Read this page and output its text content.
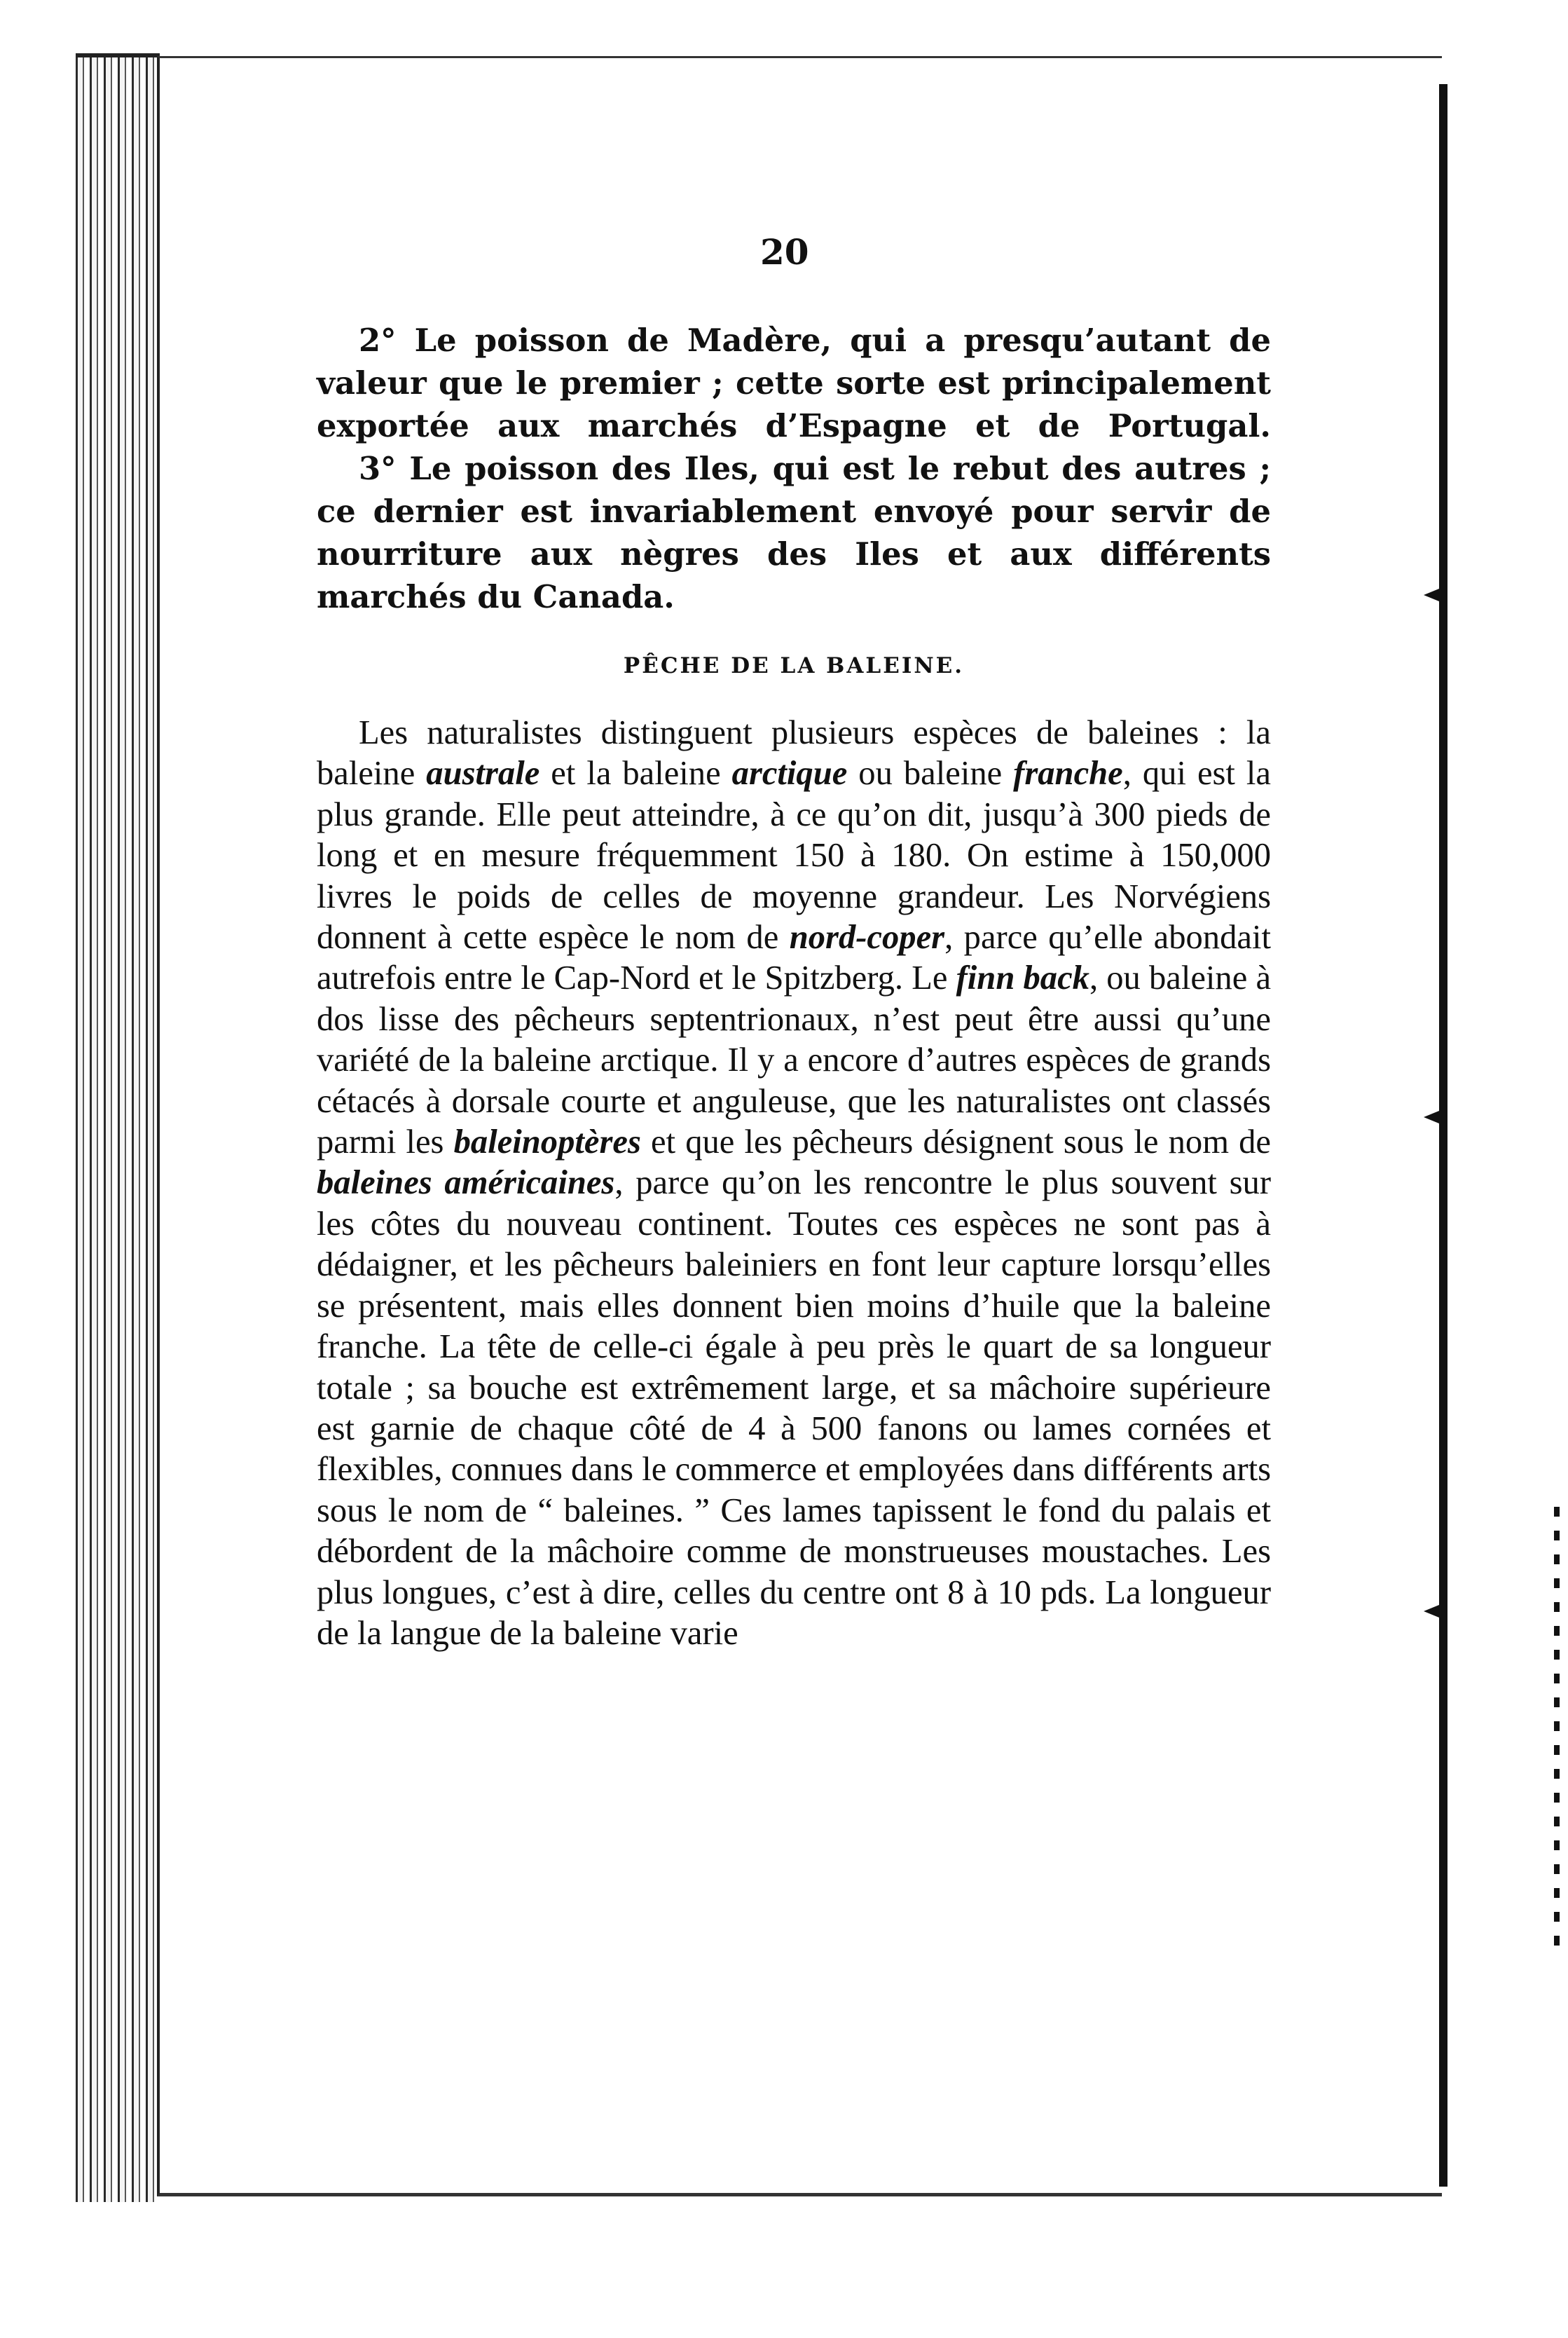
20

2° Le poisson de Madère, qui a presqu’autant de valeur que le premier ; cette sorte est principalement exportée aux marchés d’Espagne et de Portugal.

3° Le poisson des Iles, qui est le rebut des autres ; ce dernier est invariablement envoyé pour servir de nourriture aux nègres des Iles et aux différents marchés du Canada.

PÊCHE DE LA BALEINE.

Les naturalistes distinguent plusieurs espèces de baleines : la baleine australe et la baleine arctique ou baleine franche, qui est la plus grande. Elle peut atteindre, à ce qu’on dit, jusqu’à 300 pieds de long et en mesure fréquemment 150 à 180. On estime à 150,000 livres le poids de celles de moyenne grandeur. Les Norvégiens donnent à cette espèce le nom de nord-coper, parce qu’elle abondait autrefois entre le Cap-Nord et le Spitzberg. Le finn back, ou baleine à dos lisse des pêcheurs septentrionaux, n’est peut être aussi qu’une variété de la baleine arctique. Il y a encore d’autres espèces de grands cétacés à dorsale courte et anguleuse, que les naturalistes ont classés parmi les baleinoptères et que les pêcheurs désignent sous le nom de baleines américaines, parce qu’on les rencontre le plus souvent sur les côtes du nouveau continent. Toutes ces espèces ne sont pas à dédaigner, et les pêcheurs baleiniers en font leur capture lorsqu’elles se présentent, mais elles donnent bien moins d’huile que la baleine franche. La tête de celle-ci égale à peu près le quart de sa longueur totale ; sa bouche est extrêmement large, et sa mâchoire supérieure est garnie de chaque côté de 4 à 500 fanons ou lames cornées et flexibles, connues dans le commerce et employées dans différents arts sous le nom de “ baleines. ” Ces lames tapissent le fond du palais et débordent de la mâchoire comme de monstrueuses moustaches. Les plus longues, c’est à dire, celles du centre ont 8 à 10 pds. La longueur de la langue de la baleine varie
